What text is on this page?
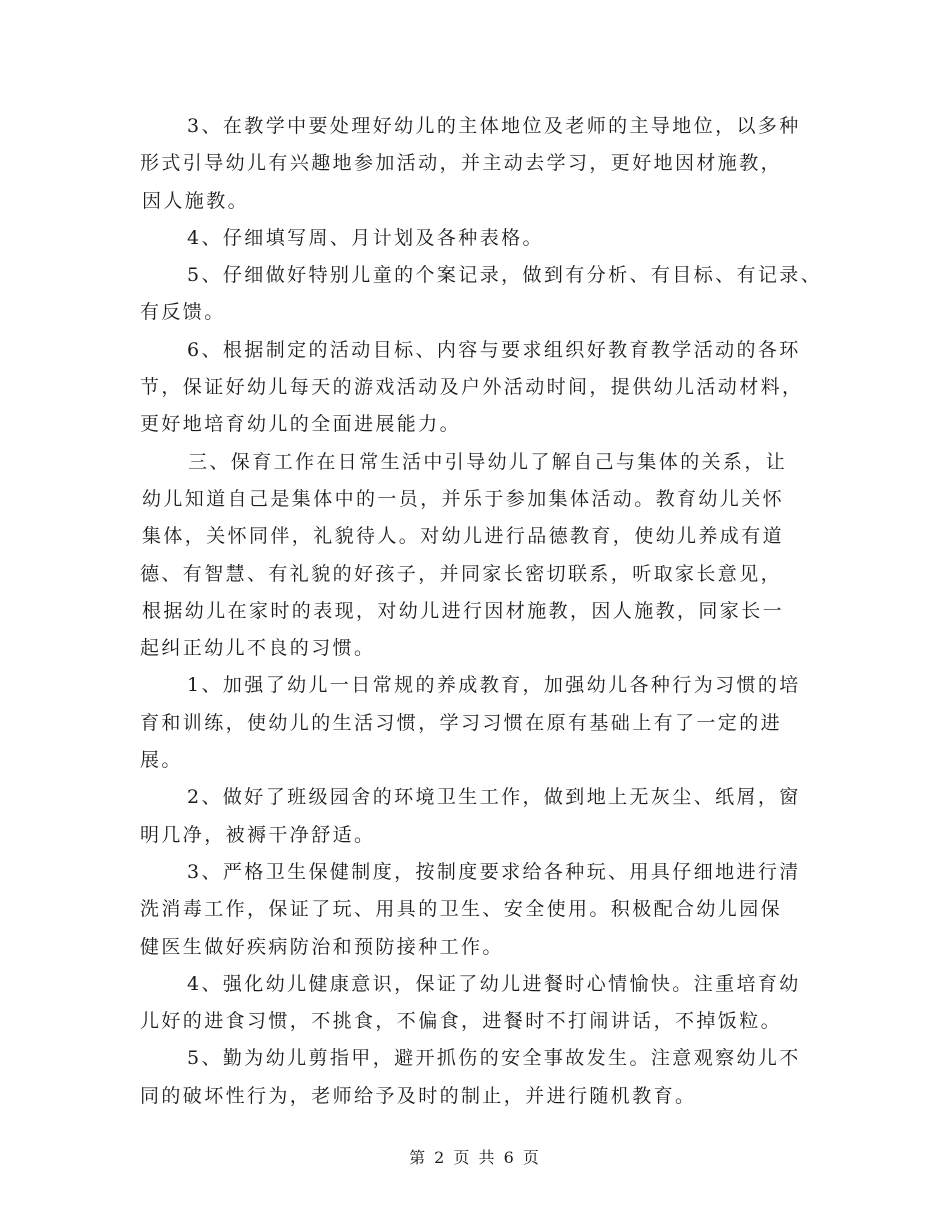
3、在教学中要处理好幼儿的主体地位及老师的主导地位，以多种
形式引导幼儿有兴趣地参加活动，并主动去学习，更好地因材施教，
因人施教。
4、仔细填写周、月计划及各种表格。
5、仔细做好特别儿童的个案记录，做到有分析、有目标、有记录、
有反馈。
6、根据制定的活动目标、内容与要求组织好教育教学活动的各环
节，保证好幼儿每天的游戏活动及户外活动时间，提供幼儿活动材料，
更好地培育幼儿的全面进展能力。
三、保育工作在日常生活中引导幼儿了解自己与集体的关系，让
幼儿知道自己是集体中的一员，并乐于参加集体活动。教育幼儿关怀
集体，关怀同伴，礼貌待人。对幼儿进行品德教育，使幼儿养成有道
德、有智慧、有礼貌的好孩子，并同家长密切联系，听取家长意见，
根据幼儿在家时的表现，对幼儿进行因材施教，因人施教，同家长一
起纠正幼儿不良的习惯。
1、加强了幼儿一日常规的养成教育，加强幼儿各种行为习惯的培
育和训练，使幼儿的生活习惯，学习习惯在原有基础上有了一定的进
展。
2、做好了班级园舍的环境卫生工作，做到地上无灰尘、纸屑，窗
明几净，被褥干净舒适。
3、严格卫生保健制度，按制度要求给各种玩、用具仔细地进行清
洗消毒工作，保证了玩、用具的卫生、安全使用。积极配合幼儿园保
健医生做好疾病防治和预防接种工作。
4、强化幼儿健康意识，保证了幼儿进餐时心情愉快。注重培育幼
儿好的进食习惯，不挑食，不偏食，进餐时不打闹讲话，不掉饭粒。
5、勤为幼儿剪指甲，避开抓伤的安全事故发生。注意观察幼儿不
同的破坏性行为，老师给予及时的制止，并进行随机教育。
第 2 页 共 6 页
